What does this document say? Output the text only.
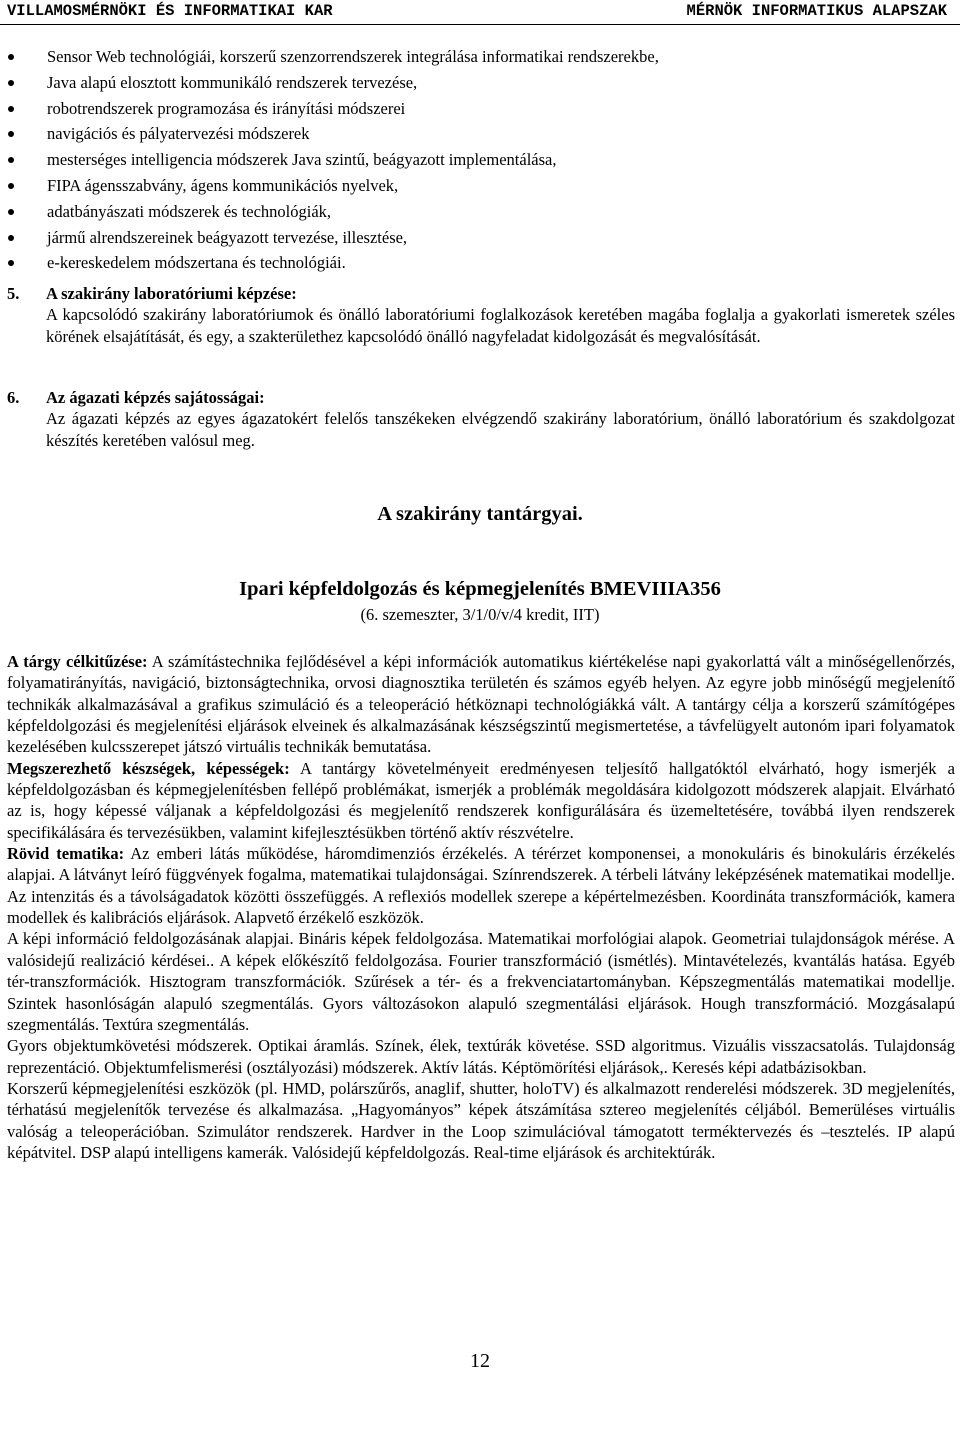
VILLAMOSMÉRNÖKI ÉS INFORMATIKAI KAR	MÉRNÖK INFORMATIKUS ALAPSZAK
Sensor Web technológiái, korszerű szenzorrendszerek integrálása informatikai rendszerekbe,
Java alapú elosztott kommunikáló rendszerek tervezése,
robotrendszerek programozása és irányítási módszerei
navigációs és pályatervezési módszerek
mesterséges intelligencia módszerek Java szintű, beágyazott implementálása,
FIPA ágensszabvány, ágens kommunikációs nyelvek,
adatbányászati módszerek és technológiák,
jármű alrendszereinek beágyazott tervezése, illesztése,
e-kereskedelem módszertana és technológiái.
5. A szakirány laboratóriumi képzése:
A kapcsolódó szakirány laboratóriumok és önálló laboratóriumi foglalkozások keretében magába foglalja a gyakorlati ismeretek széles körének elsajátítását, és egy, a szakterülethez kapcsolódó önálló nagyfeladat kidolgozását és megvalósítását.
6. Az ágazati képzés sajátosságai:
Az ágazati képzés az egyes ágazatokért felelős tanszékeken elvégzendő szakirány laboratórium, önálló laboratórium és szakdolgozat készítés keretében valósul meg.
A szakirány tantárgyai.
Ipari képfeldolgozás és képmegjelenítés BMEVIIIA356
(6. szemeszter, 3/1/0/v/4 kredit, IIT)

A tárgy célkitűzése: A számítástechnika fejlődésével a képi információk automatikus kiértékelése napi gyakorlattá vált a minőségellenőrzés, folyamatirányítás, navigáció, biztonságtechnika, orvosi diagnosztika területén és számos egyéb helyen. Az egyre jobb minőségű megjelenítő technikák alkalmazásával a grafikus szimuláció és a teleoperáció hétköznapi technológiákká vált. A tantárgy célja a korszerű számítógépes képfeldolgozási és megjelenítési eljárások elveinek és alkalmazásának készségszintű megismertetése, a távfelügyelt autonóm ipari folyamatok kezelésében kulcsszerepet játszó virtuális technikák bemutatása.

Megszerezhető készségek, képességek: A tantárgy követelményeit eredményesen teljesítő hallgatóktól elvárható, hogy ismerjék a képfeldolgozásban és képmegjelenítésben fellépő problémákat, ismerjék a problémák megoldására kidolgozott módszerek alapjait. Elvárható az is, hogy képessé váljanak a képfeldolgozási és megjelenítő rendszerek konfigurálására és üzemeltetésére, továbbá ilyen rendszerek specifikálására és tervezésükben, valamint kifejlesztésükben történő aktív részvételre.

Rövid tematika: Az emberi látás működése, háromdimenziós érzékelés. A térérzet komponensei, a monokuláris és binokuláris érzékelés alapjai. A látványt leíró függvények fogalma, matematikai tulajdonságai. Színrendszerek. A térbeli látvány leképzésének matematikai modellje. Az intenzitás és a távolságadatok közötti összefüggés. A reflexiós modellek szerepe a képértelmezésben. Koordináta transzformációk, kamera modellek és kalibrációs eljárások. Alapvető érzékelő eszközök.

A képi információ feldolgozásának alapjai. Bináris képek feldolgozása. Matematikai morfológiai alapok. Geometriai tulajdonságok mérése. A valósidejű realizáció kérdései.. A képek előkészítő feldolgozása. Fourier transzformáció (ismétlés). Mintavételezés, kvantálás hatása. Egyéb tér-transzformációk. Hisztogram transzformációk. Szűrések a tér- és a frekvenciatartományban. Képszegmentálás matematikai modellje. Szintek hasonlóságán alapuló szegmentálás. Gyors változásokon alapuló szegmentálási eljárások. Hough transzformáció. Mozgásalapú szegmentálás. Textúra szegmentálás.

Gyors objektumkövetési módszerek. Optikai áramlás. Színek, élek, textúrák követése. SSD algoritmus. Vizuális visszacsatolás. Tulajdonság reprezentáció. Objektumfelismerési (osztályozási) módszerek. Aktív látás. Képtömörítési eljárások,. Keresés képi adatbázisokban.

Korszerű képmegjelenítési eszközök (pl. HMD, polárszűrős, anaglif, shutter, holoTV) és alkalmazott renderelési módszerek. 3D megjelenítés, térhatású megjelenítők tervezése és alkalmazása. „Hagyományos” képek átszámítása sztereo megjelenítés céljából. Bemerüléses virtuális valóság a teleoperációban. Szimulátor rendszerek. Hardver in the Loop szimulációval támogatott terméktervezés és –tesztelés. IP alapú képátvitel. DSP alapú intelligens kamerák. Valósidejű képfeldolgozás. Real-time eljárások és architektúrák.

12
